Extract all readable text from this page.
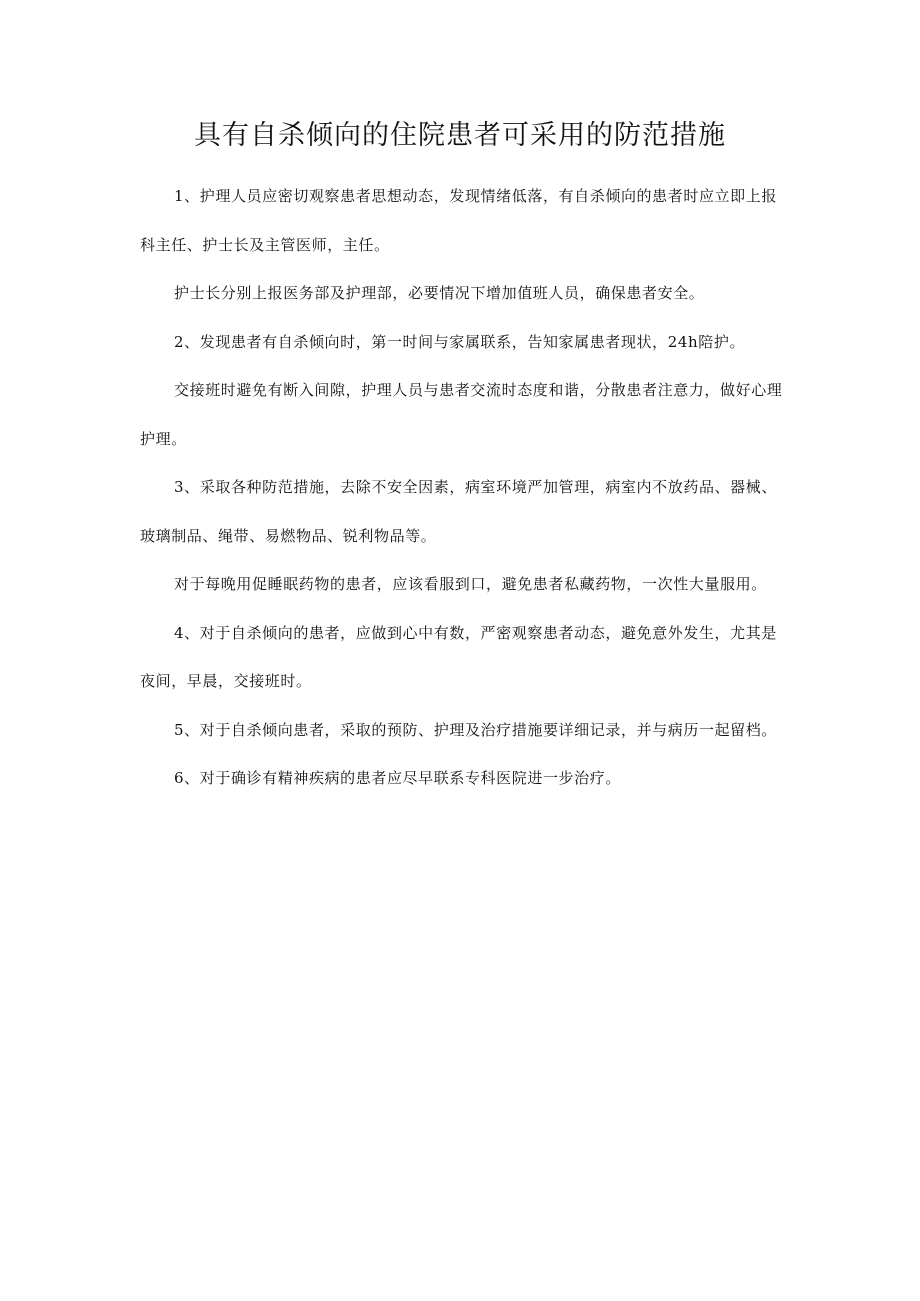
具有自杀倾向的住院患者可采用的防范措施

1、护理人员应密切观察患者思想动态，发现情绪低落，有自杀倾向的患者时应立即上报科主任、护士长及主管医师，主任。

护士长分别上报医务部及护理部，必要情况下增加值班人员，确保患者安全。

2、发现患者有自杀倾向时，第一时间与家属联系，告知家属患者现状，24h陪护。

交接班时避免有断入间隙，护理人员与患者交流时态度和谐，分散患者注意力，做好心理护理。

3、采取各种防范措施，去除不安全因素，病室环境严加管理，病室内不放药品、器械、玻璃制品、绳带、易燃物品、锐利物品等。

对于每晚用促睡眠药物的患者，应该看服到口，避免患者私藏药物，一次性大量服用。

4、对于自杀倾向的患者，应做到心中有数，严密观察患者动态，避免意外发生，尤其是夜间，早晨，交接班时。

5、对于自杀倾向患者，采取的预防、护理及治疗措施要详细记录，并与病历一起留档。

6、对于确诊有精神疾病的患者应尽早联系专科医院进一步治疗。
